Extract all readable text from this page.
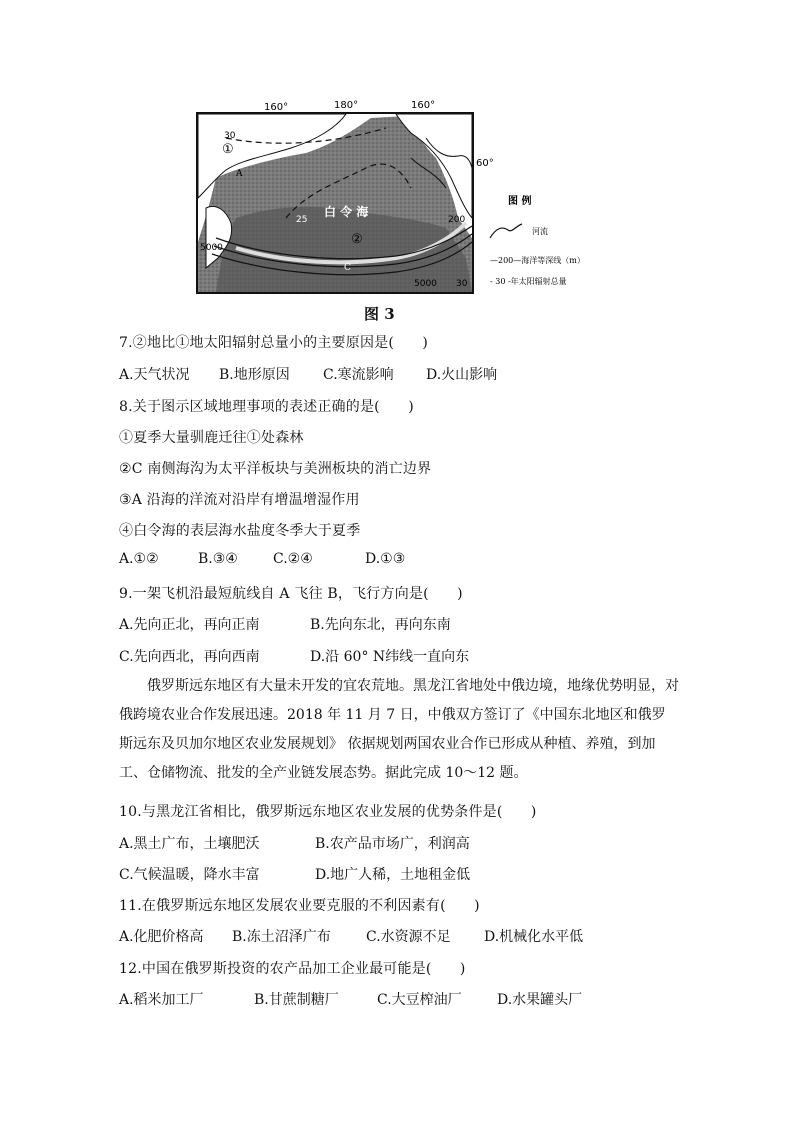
160°	180°	160°
60°
①
②
白 令 海
A
C
30
25
5000
5000
200
30
图 例
河流
—200—海洋等深线（m）
- 30 -年太阳辐射总量
图 3
7.②地比①地太阳辐射总量小的主要原因是(　　)
A.天气状况 B.地形原因 C.寒流影响 D.火山影响
8.关于图示区域地理事项的表述正确的是(　　)
①夏季大量驯鹿迁往①处森林
②C 南侧海沟为太平洋板块与美洲板块的消亡边界
③A 沿海的洋流对沿岸有增温增湿作用
④白令海的表层海水盐度冬季大于夏季
A.①②	B.③④	C.②④	D.①③
9.一架飞机沿最短航线自 A 飞往 B，飞行方向是(　　)
A.先向正北，再向正南	B.先向东北，再向东南
C.先向西北，再向西南	D.沿 60° N纬线一直向东
俄罗斯远东地区有大量未开发的宜农荒地。黑龙江省地处中俄边境，地缘优势明显，对俄跨境农业合作发展迅速。2018 年 11 月 7 日，中俄双方签订了《中国东北地区和俄罗斯远东及贝加尔地区农业发展规划》 依据规划两国农业合作已形成从种植、养殖，到加工、仓储物流、批发的全产业链发展态势。据此完成 10～12 题。
10.与黑龙江省相比，俄罗斯远东地区农业发展的优势条件是(　　)
A.黑土广布，土壤肥沃	B.农产品市场广，利润高
C.气候温暖，降水丰富	D.地广人稀，土地租金低
11.在俄罗斯远东地区发展农业要克服的不利因素有(　　)
A.化肥价格高 B.冻土沼泽广布	C.水资源不足 D.机械化水平低
12.中国在俄罗斯投资的农产品加工企业最可能是(　　)
A.稻米加工厂	B.甘蔗制糖厂	C.大豆榨油厂	D.水果罐头厂
